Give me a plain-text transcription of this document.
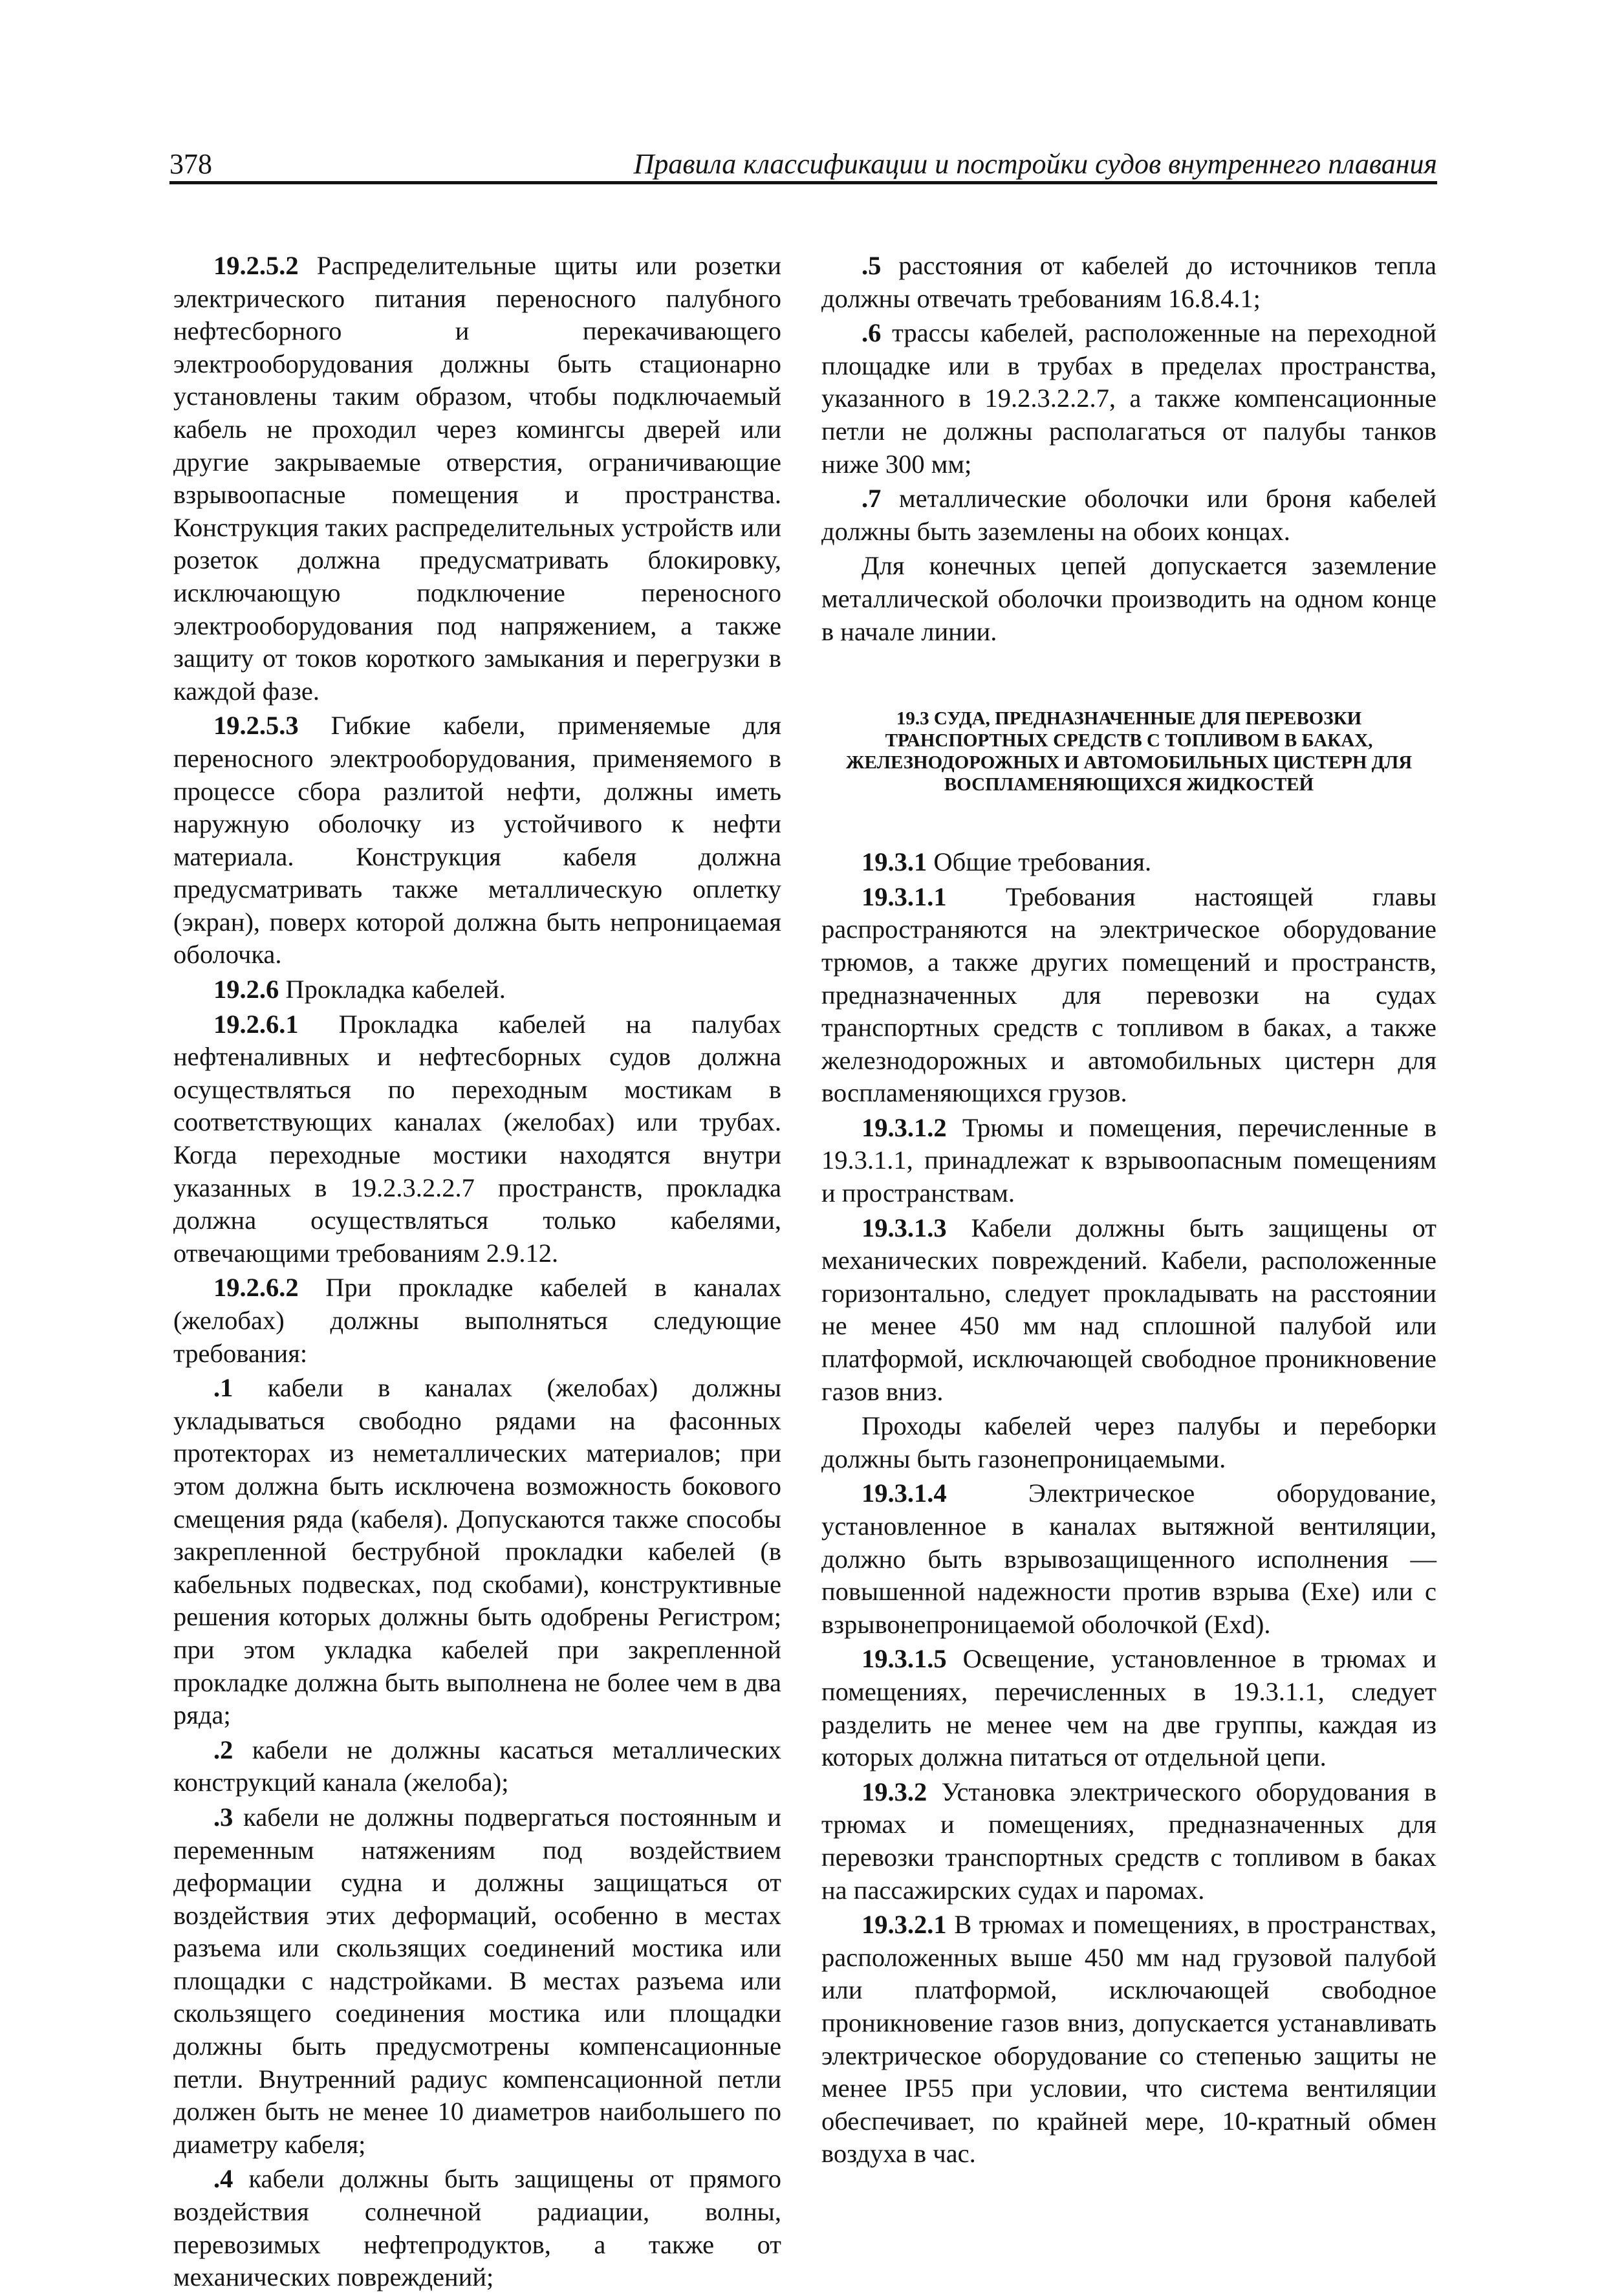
378	Правила классификации и постройки судов внутреннего плавания

19.2.5.2 Распределительные щиты или розетки электрического питания переносного палубного нефтесборного и перекачивающего электрооборудования должны быть стационарно установлены таким образом, чтобы подключаемый кабель не проходил через комингсы дверей или другие закрываемые отверстия, ограничивающие взрывоопасные помещения и пространства. Конструкция таких распределительных устройств или розеток должна предусматривать блокировку, исключающую подключение переносного электрооборудования под напряжением, а также защиту от токов короткого замыкания и перегрузки в каждой фазе.

19.2.5.3 Гибкие кабели, применяемые для переносного электрооборудования, применяемого в процессе сбора разлитой нефти, должны иметь наружную оболочку из устойчивого к нефти материала. Конструкция кабеля должна предусматривать также металлическую оплетку (экран), поверх которой должна быть непроницаемая оболочка.

19.2.6 Прокладка кабелей.

19.2.6.1 Прокладка кабелей на палубах нефтеналивных и нефтесборных судов должна осуществляться по переходным мостикам в соответствующих каналах (желобах) или трубах. Когда переходные мостики находятся внутри указанных в 19.2.3.2.2.7 пространств, прокладка должна осуществляться только кабелями, отвечающими требованиям 2.9.12.

19.2.6.2 При прокладке кабелей в каналах (желобах) должны выполняться следующие требования:

.1 кабели в каналах (желобах) должны укладываться свободно рядами на фасонных протекторах из неметаллических материалов; при этом должна быть исключена возможность бокового смещения ряда (кабеля). Допускаются также способы закрепленной беструбной прокладки кабелей (в кабельных подвесках, под скобами), конструктивные решения которых должны быть одобрены Регистром; при этом укладка кабелей при закрепленной прокладке должна быть выполнена не более чем в два ряда;

.2 кабели не должны касаться металлических конструкций канала (желоба);

.3 кабели не должны подвергаться постоянным и переменным натяжениям под воздействием деформации судна и должны защищаться от воздействия этих деформаций, особенно в местах разъема или скользящих соединений мостика или площадки с надстройками. В местах разъема или скользящего соединения мостика или площадки должны быть предусмотрены компенсационные петли. Внутренний радиус компенсационной петли должен быть не менее 10 диаметров наибольшего по диаметру кабеля;

.4 кабели должны быть защищены от прямого воздействия солнечной радиации, волны, перевозимых нефтепродуктов, а также от механических повреждений;

.5 расстояния от кабелей до источников тепла должны отвечать требованиям 16.8.4.1;

.6 трассы кабелей, расположенные на переходной площадке или в трубах в пределах пространства, указанного в 19.2.3.2.2.7, а также компенсационные петли не должны располагаться от палубы танков ниже 300 мм;

.7 металлические оболочки или броня кабелей должны быть заземлены на обоих концах.

Для конечных цепей допускается заземление металлической оболочки производить на одном конце в начале линии.

19.3 СУДА, ПРЕДНАЗНАЧЕННЫЕ ДЛЯ ПЕРЕВОЗКИ ТРАНСПОРТНЫХ СРЕДСТВ С ТОПЛИВОМ В БАКАХ, ЖЕЛЕЗНОДОРОЖНЫХ И АВТОМОБИЛЬНЫХ ЦИСТЕРН ДЛЯ ВОСПЛАМЕНЯЮЩИХСЯ ЖИДКОСТЕЙ

19.3.1 Общие требования.

19.3.1.1 Требования настоящей главы распространяются на электрическое оборудование трюмов, а также других помещений и пространств, предназначенных для перевозки на судах транспортных средств с топливом в баках, а также железнодорожных и автомобильных цистерн для воспламеняющихся грузов.

19.3.1.2 Трюмы и помещения, перечисленные в 19.3.1.1, принадлежат к взрывоопасным помещениям и пространствам.

19.3.1.3 Кабели должны быть защищены от механических повреждений. Кабели, расположенные горизонтально, следует прокладывать на расстоянии не менее 450 мм над сплошной палубой или платформой, исключающей свободное проникновение газов вниз.

Проходы кабелей через палубы и переборки должны быть газонепроницаемыми.

19.3.1.4 Электрическое оборудование, установленное в каналах вытяжной вентиляции, должно быть взрывозащищенного исполнения — повышенной надежности против взрыва (Exe) или с взрывонепроницаемой оболочкой (Exd).

19.3.1.5 Освещение, установленное в трюмах и помещениях, перечисленных в 19.3.1.1, следует разделить не менее чем на две группы, каждая из которых должна питаться от отдельной цепи.

19.3.2 Установка электрического оборудования в трюмах и помещениях, предназначенных для перевозки транспортных средств с топливом в баках на пассажирских судах и паромах.

19.3.2.1 В трюмах и помещениях, в пространствах, расположенных выше 450 мм над грузовой палубой или платформой, исключающей свободное проникновение газов вниз, допускается устанавливать электрическое оборудование со степенью защиты не менее IP55 при условии, что система вентиляции обеспечивает, по крайней мере, 10-кратный обмен воздуха в час.
